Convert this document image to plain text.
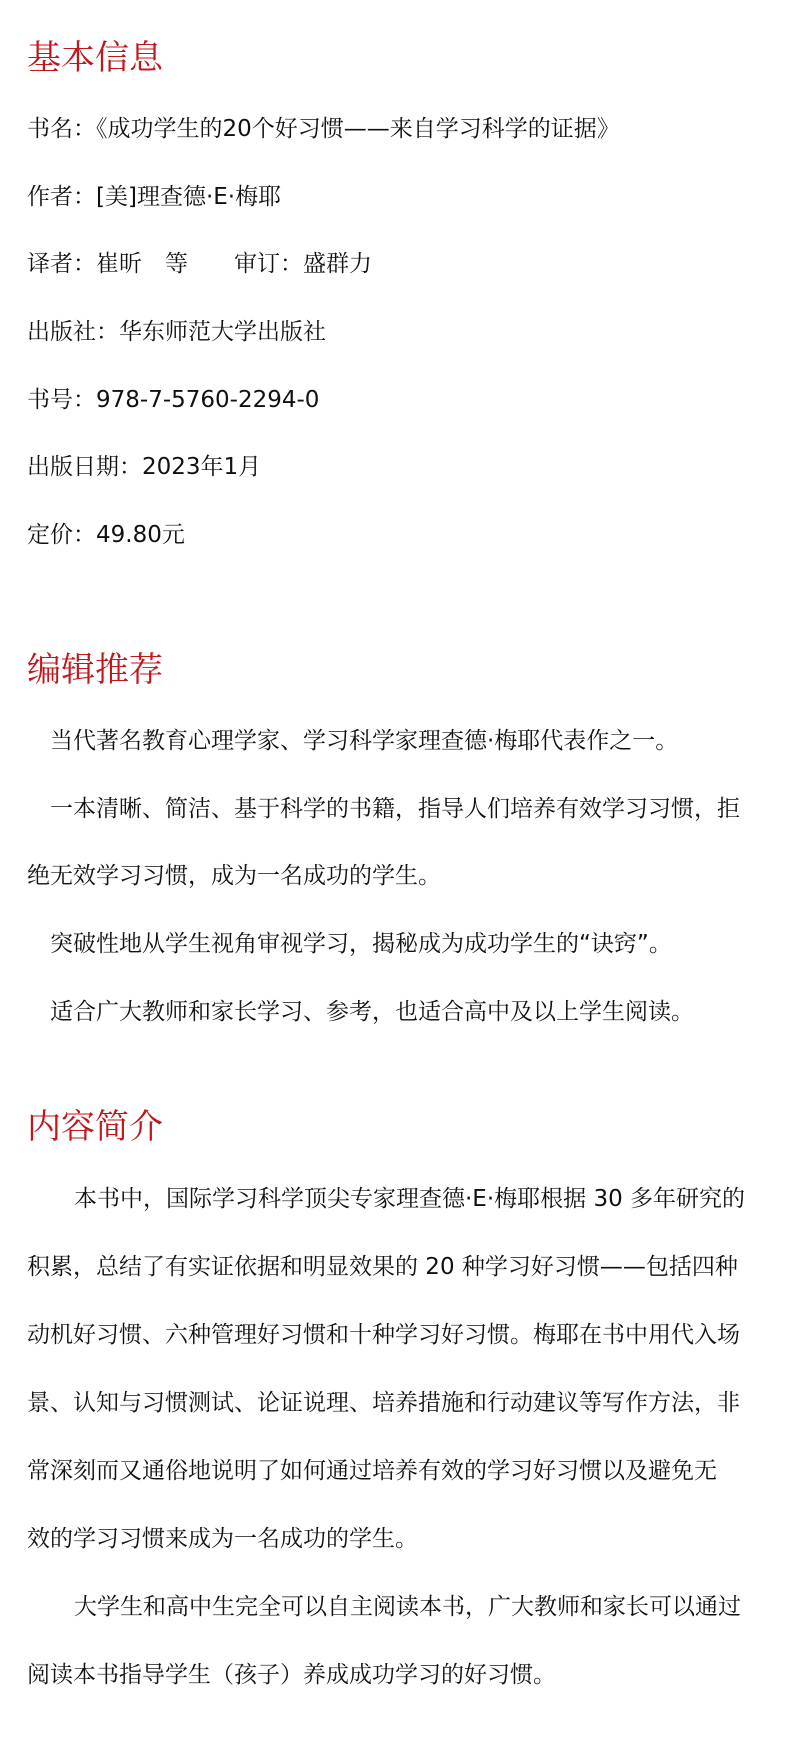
基本信息
书名：《成功学生的20个好习惯——来自学习科学的证据》
作者：[美]理查德·E·梅耶
译者：崔昕　等　　审订：盛群力
出版社：华东师范大学出版社
书号：978-7-5760-2294-0
出版日期：2023年1月
定价：49.80元
编辑推荐
当代著名教育心理学家、学习科学家理查德·梅耶代表作之一。
一本清晰、简洁、基于科学的书籍，指导人们培养有效学习习惯，拒
绝无效学习习惯，成为一名成功的学生。
突破性地从学生视角审视学习，揭秘成为成功学生的“诀窍”。
适合广大教师和家长学习、参考，也适合高中及以上学生阅读。
内容简介
本书中，国际学习科学顶尖专家理查德·E·梅耶根据 30 多年研究的
积累，总结了有实证依据和明显效果的 20 种学习好习惯——包括四种
动机好习惯、六种管理好习惯和十种学习好习惯。梅耶在书中用代入场
景、认知与习惯测试、论证说理、培养措施和行动建议等写作方法，非
常深刻而又通俗地说明了如何通过培养有效的学习好习惯以及避免无
效的学习习惯来成为一名成功的学生。
大学生和高中生完全可以自主阅读本书，广大教师和家长可以通过
阅读本书指导学生（孩子）养成成功学习的好习惯。
